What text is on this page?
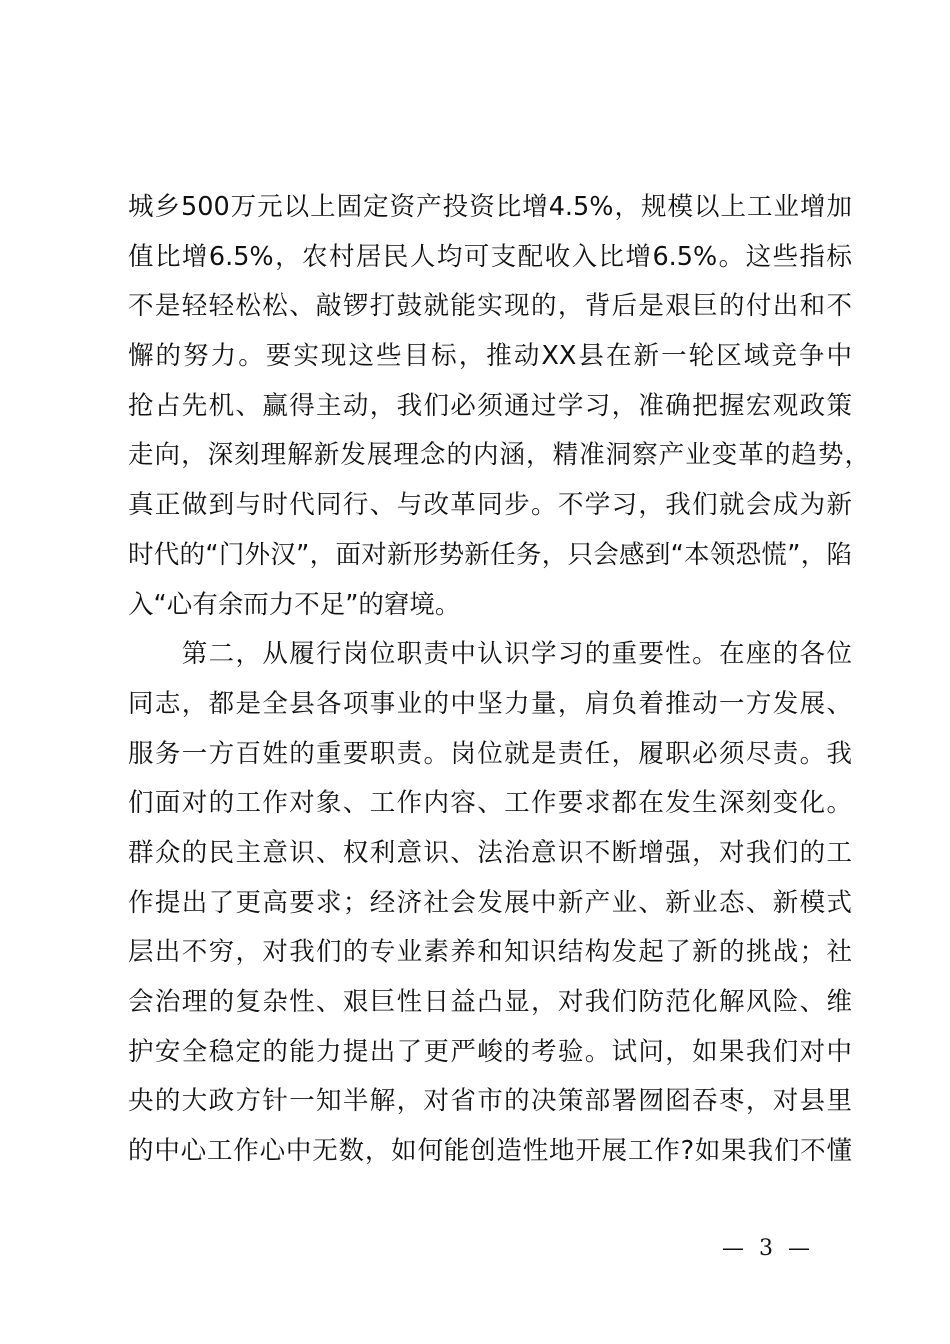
城乡500万元以上固定资产投资比增4.5%，规模以上工业增加
值比增6.5%，农村居民人均可支配收入比增6.5%。这些指标
不是轻轻松松、敲锣打鼓就能实现的，背后是艰巨的付出和不
懈的努力。要实现这些目标，推动XX县在新一轮区域竞争中
抢占先机、赢得主动，我们必须通过学习，准确把握宏观政策
走向，深刻理解新发展理念的内涵，精准洞察产业变革的趋势，
真正做到与时代同行、与改革同步。不学习，我们就会成为新
时代的“门外汉”，面对新形势新任务，只会感到“本领恐慌”，陷
入“心有余而力不足”的窘境。
　　第二，从履行岗位职责中认识学习的重要性。在座的各位
同志，都是全县各项事业的中坚力量，肩负着推动一方发展、
服务一方百姓的重要职责。岗位就是责任，履职必须尽责。我
们面对的工作对象、工作内容、工作要求都在发生深刻变化。
群众的民主意识、权利意识、法治意识不断增强，对我们的工
作提出了更高要求；经济社会发展中新产业、新业态、新模式
层出不穷，对我们的专业素养和知识结构发起了新的挑战；社
会治理的复杂性、艰巨性日益凸显，对我们防范化解风险、维
护安全稳定的能力提出了更严峻的考验。试问，如果我们对中
央的大政方针一知半解，对省市的决策部署囫囵吞枣，对县里
的中心工作心中无数，如何能创造性地开展工作?如果我们不懂
— 3 —
